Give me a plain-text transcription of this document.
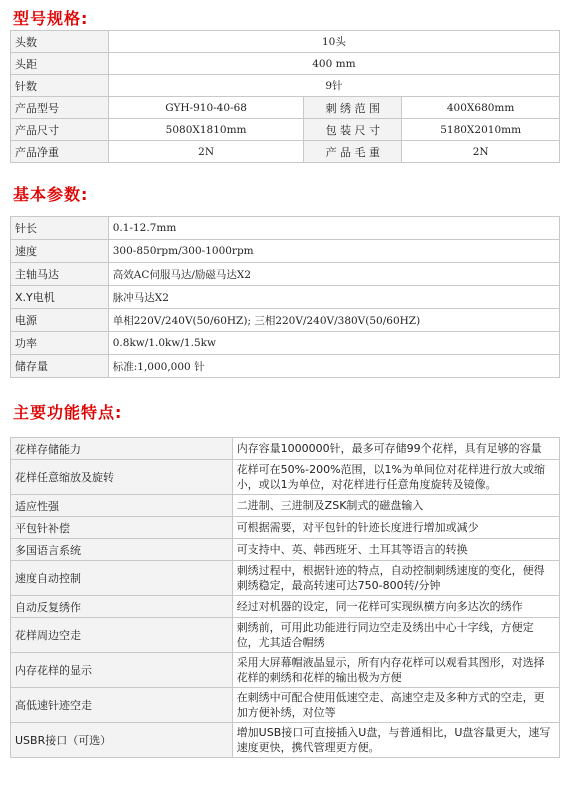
型号规格:
头数	10头		
头距	400 mm		
针数	9针		
产品型号	GYH-910-40-68	刺 绣 范 围	400X680mm
产品尺寸	5080X1810mm	包 装 尺 寸	5180X2010mm
产品净重	2N	产 品 毛 重	2N
基本参数:
针长	0.1-12.7mm
速度	300-850rpm/300-1000rpm
主轴马达	高效AC伺服马达/励磁马达X2
X.Y电机	脉冲马达X2
电源	单相220V/240V(50/60HZ); 三相220V/240V/380V(50/60HZ)
功率	0.8kw/1.0kw/1.5kw
储存量	标准:1,000,000 针
主要功能特点:
花样存储能力	内存容量1000000针，最多可存储99个花样，具有足够的容量
花样任意缩放及旋转	花样可在50%-200%范围，以1%为单间位对花样进行放大或缩小，或以1为单位，对花样进行任意角度旋转及镜像。
适应性强	二进制、三进制及ZSK制式的磁盘输入
平包针补偿	可根据需要，对平包针的针迹长度进行增加或减少
多国语言系统	可支持中、英、韩西班牙、土耳其等语言的转换
速度自动控制	刺绣过程中，根据针迹的特点，自动控制刺绣速度的变化，便得刺绣稳定，最高转速可达750-800转/分钟
自动反复绣作	经过对机器的设定，同一花样可实现纵横方向多达次的绣作
花样周边空走	刺绣前，可用此功能进行同边空走及绣出中心十字线，方便定位，尤其适合帽绣
内存花样的显示	采用大屏幕帽液晶显示，所有内存花样可以观看其图形，对选择花样的刺绣和花样的输出极为方便
高低速针迹空走	在刺绣中可配合使用低速空走、高速空走及多种方式的空走，更加方便补绣，对位等
USBR接口（可选）	增加USB接口可直接插入U盘，与普通相比，U盘容量更大，速写速度更快，携代管理更方便。
